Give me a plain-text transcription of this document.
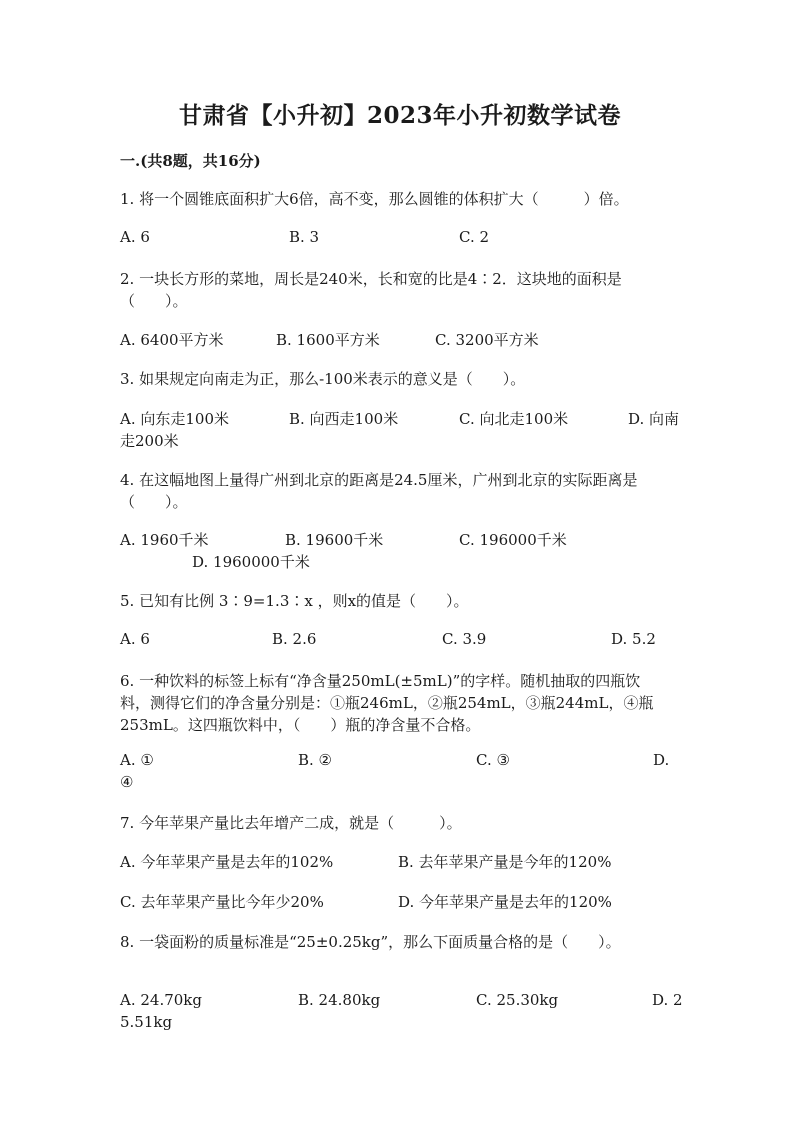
甘肃省【小升初】2023年小升初数学试卷
一.(共8题，共16分)
1. 将一个圆锥底面积扩大6倍，高不变，那么圆锥的体积扩大（　　　）倍。
A. 6	B. 3	C. 2
2. 一块长方形的菜地，周长是240米，长和宽的比是4∶2．这块地的面积是
（　　）。
A. 6400平方米	B. 1600平方米	C. 3200平方米
3. 如果规定向南走为正，那么-100米表示的意义是（　　）。
A. 向东走100米	B. 向西走100米	C. 向北走100米	D. 向南
走200米
4. 在这幅地图上量得广州到北京的距离是24.5厘米，广州到北京的实际距离是
（　　）。
A. 1960千米	B. 19600千米	C. 196000千米
D. 1960000千米
5. 已知有比例 3∶9=1.3∶x ，则x的值是（　　）。
A. 6	B. 2.6	C. 3.9	D. 5.2
6. 一种饮料的标签上标有“净含量250mL(±5mL)”的字样。随机抽取的四瓶饮
料，测得它们的净含量分别是：①瓶246mL，②瓶254mL，③瓶244mL，④瓶
253mL。这四瓶饮料中，（　　）瓶的净含量不合格。
A. ①	B. ②	C. ③	D.
④
7. 今年苹果产量比去年增产二成，就是（　　　）。
A. 今年苹果产量是去年的102%	B. 去年苹果产量是今年的120%
C. 去年苹果产量比今年少20%	D. 今年苹果产量是去年的120%
8. 一袋面粉的质量标准是“25±0.25kg”，那么下面质量合格的是（　　）。
A. 24.70kg	B. 24.80kg	C. 25.30kg	D. 2
5.51kg
